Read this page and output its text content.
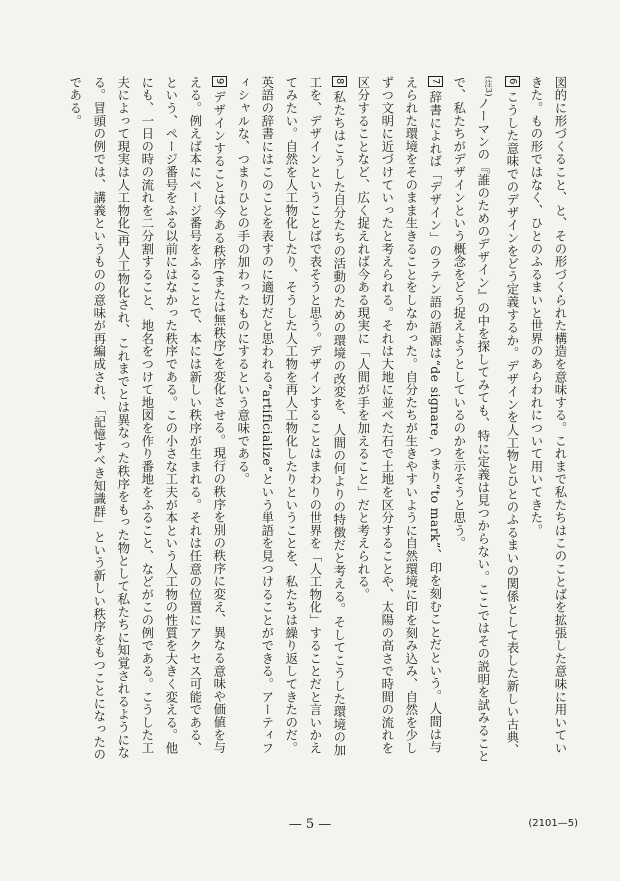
図的に形づくること、と、その形づくられた構造を意味する。これまで私たちはこのことばを拡張した意味に用いていきた。もの形ではなく、ひとのふるまいと世界のあらわれについて用いてきた。

6こうした意味でのデザインをどう定義するか。デザインを人工物とひとのふるまいの関係として表した新しい古典、$^{(注3)}$ノーマンの『誰のためのデザイン』の中を探してみても、特に定義は見つからない。ここではその説明を試みることで、私たちがデザインという概念をどう捉えようとしているのかを示そうと思う。

7辞書によれば「デザイン」のラテン語の語源は“de signare, つまり“to mark”、印を刻むことだという。人間は与えられた環境をそのまま生きることをしなかった。自分たちが生きやすいように自然環境に印を刻み込み、自然を少しずつ文明に近づけていったと考えられる。それは大地に並べた石で土地を区分することや、太陽の高さで時間の流れを区分することなど、広く捉えれば今ある現実に「人間が手を加えること」だと考えられる。

8私たちはこうした自分たちの活動のための環境の改変を、人間の何よりの特徴だと考える。そしてこうした環境の加工を、デザインということばで表そうと思う。デザインすることはまわりの世界を「人工物化」することだと言いかえてみたい。自然を人工物化したり、そうした人工物を再人工物化したりということを、私たちは繰り返してきたのだ。英語の辞書にはこのことを表すのに適切だと思われる“artificialize”という単語を見つけることができる。アーティフィシャルな、つまりひとの手の加わったものにするという意味である。

9デザインすることは今ある秩序(または無秩序)を変化させる。現行の秩序を別の秩序に変え、異なる意味や価値を与える。例えば本にページ番号をふることで、本には新しい秩序が生まれる。それは任意の位置にアクセス可能である、という、ページ番号をふる以前にはなかった秩序である。この小さな工夫が本という人工物の性質を大きく変える。他にも、一日の時の流れを二分割すること、地名をつけて地図を作り番地をふること、などがこの例である。こうした工夫によって現実は人工物化/再人工物化され、これまでとは異なった秩序をもった物として私たちに知覚されるようになる。冒頭の例では、講義というものの意味が再編成され、「記憶すべき知識群」という新しい秩序をもつことになったのである。

— 5 —	(2101—5)
